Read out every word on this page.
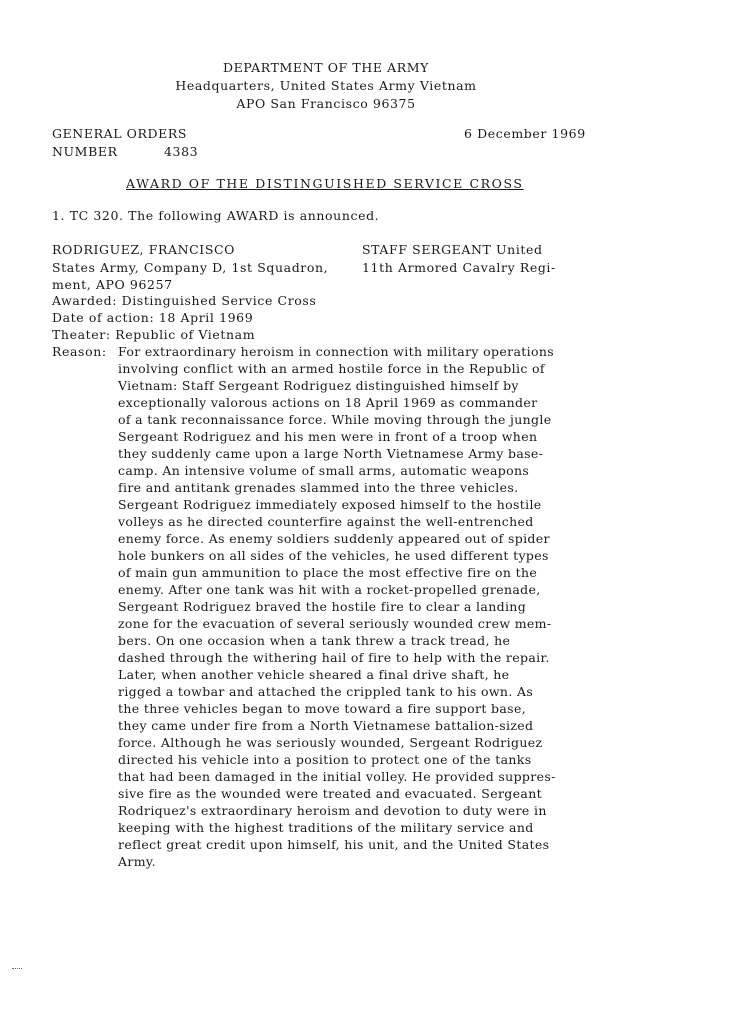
DEPARTMENT OF THE ARMY
Headquarters, United States Army Vietnam
APO San Francisco 96375
GENERAL ORDERS
NUMBER	4383
6 December 1969
AWARD OF THE DISTINGUISHED SERVICE CROSS
1. TC 320. The following AWARD is announced.
RODRIGUEZ, FRANCISCO	STAFF SERGEANT United
States Army, Company D, 1st Squadron,	11th Armored Cavalry Regi-
ment, APO 96257
Awarded: Distinguished Service Cross
Date of action: 18 April 1969
Theater: Republic of Vietnam
Reason: For extraordinary heroism in connection with military operations
involving conflict with an armed hostile force in the Republic of
Vietnam: Staff Sergeant Rodriguez distinguished himself by
exceptionally valorous actions on 18 April 1969 as commander
of a tank reconnaissance force. While moving through the jungle
Sergeant Rodriguez and his men were in front of a troop when
they suddenly came upon a large North Vietnamese Army base-
camp. An intensive volume of small arms, automatic weapons
fire and antitank grenades slammed into the three vehicles.
Sergeant Rodriguez immediately exposed himself to the hostile
volleys as he directed counterfire against the well-entrenched
enemy force. As enemy soldiers suddenly appeared out of spider
hole bunkers on all sides of the vehicles, he used different types
of main gun ammunition to place the most effective fire on the
enemy. After one tank was hit with a rocket-propelled grenade,
Sergeant Rodriguez braved the hostile fire to clear a landing
zone for the evacuation of several seriously wounded crew mem-
bers. On one occasion when a tank threw a track tread, he
dashed through the withering hail of fire to help with the repair.
Later, when another vehicle sheared a final drive shaft, he
rigged a towbar and attached the crippled tank to his own. As
the three vehicles began to move toward a fire support base,
they came under fire from a North Vietnamese battalion-sized
force. Although he was seriously wounded, Sergeant Rodriguez
directed his vehicle into a position to protect one of the tanks
that had been damaged in the initial volley. He provided suppres-
sive fire as the wounded were treated and evacuated. Sergeant
Rodriquez's extraordinary heroism and devotion to duty were in
keeping with the highest traditions of the military service and
reflect great credit upon himself, his unit, and the United States
Army.
